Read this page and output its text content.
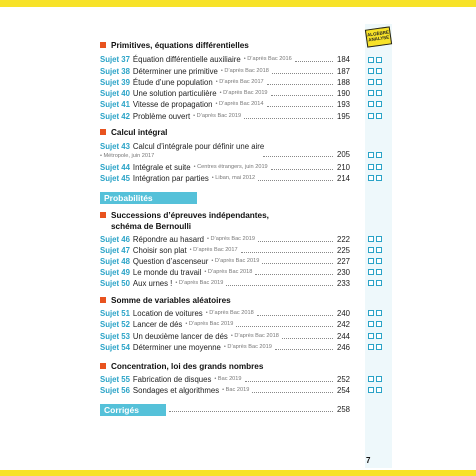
ALGÈBRE ANALYSE
Primitives, équations différentielles
Sujet 37 Équation différentielle auxiliaire • D’après Bac 2016	184
Sujet 38 Déterminer une primitive • D’après Bac 2018	187
Sujet 39 Étude d’une population • D’après Bac 2017	188
Sujet 40 Une solution particulière • D’après Bac 2019	190
Sujet 41 Vitesse de propagation • D’après Bac 2014	193
Sujet 42 Problème ouvert • D’après Bac 2019	195
Calcul intégral
Sujet 43 Calcul d’intégrale pour définir une aire
• Métropole, juin 2017	205
Sujet 44 Intégrale et suite • Centres étrangers, juin 2019	210
Sujet 45 Intégration par parties • Liban, mai 2012	214
Probabilités
Successions d’épreuves indépendantes,
schéma de Bernoulli
Sujet 46 Répondre au hasard • D’après Bac 2019	222
Sujet 47 Choisir son plat • D’après Bac 2017	225
Sujet 48 Question d’ascenseur • D’après Bac 2019	227
Sujet 49 Le monde du travail • D’après Bac 2018	230
Sujet 50 Aux urnes ! • D’après Bac 2019	233
Somme de variables aléatoires
Sujet 51 Location de voitures • D’après Bac 2018	240
Sujet 52 Lancer de dés • D’après Bac 2019	242
Sujet 53 Un deuxième lancer de dés • D’après Bac 2018	244
Sujet 54 Déterminer une moyenne • D’après Bac 2019	246
Concentration, loi des grands nombres
Sujet 55 Fabrication de disques • Bac 2019	252
Sujet 56 Sondages et algorithmes • Bac 2019	254
Corrigés	258
7
